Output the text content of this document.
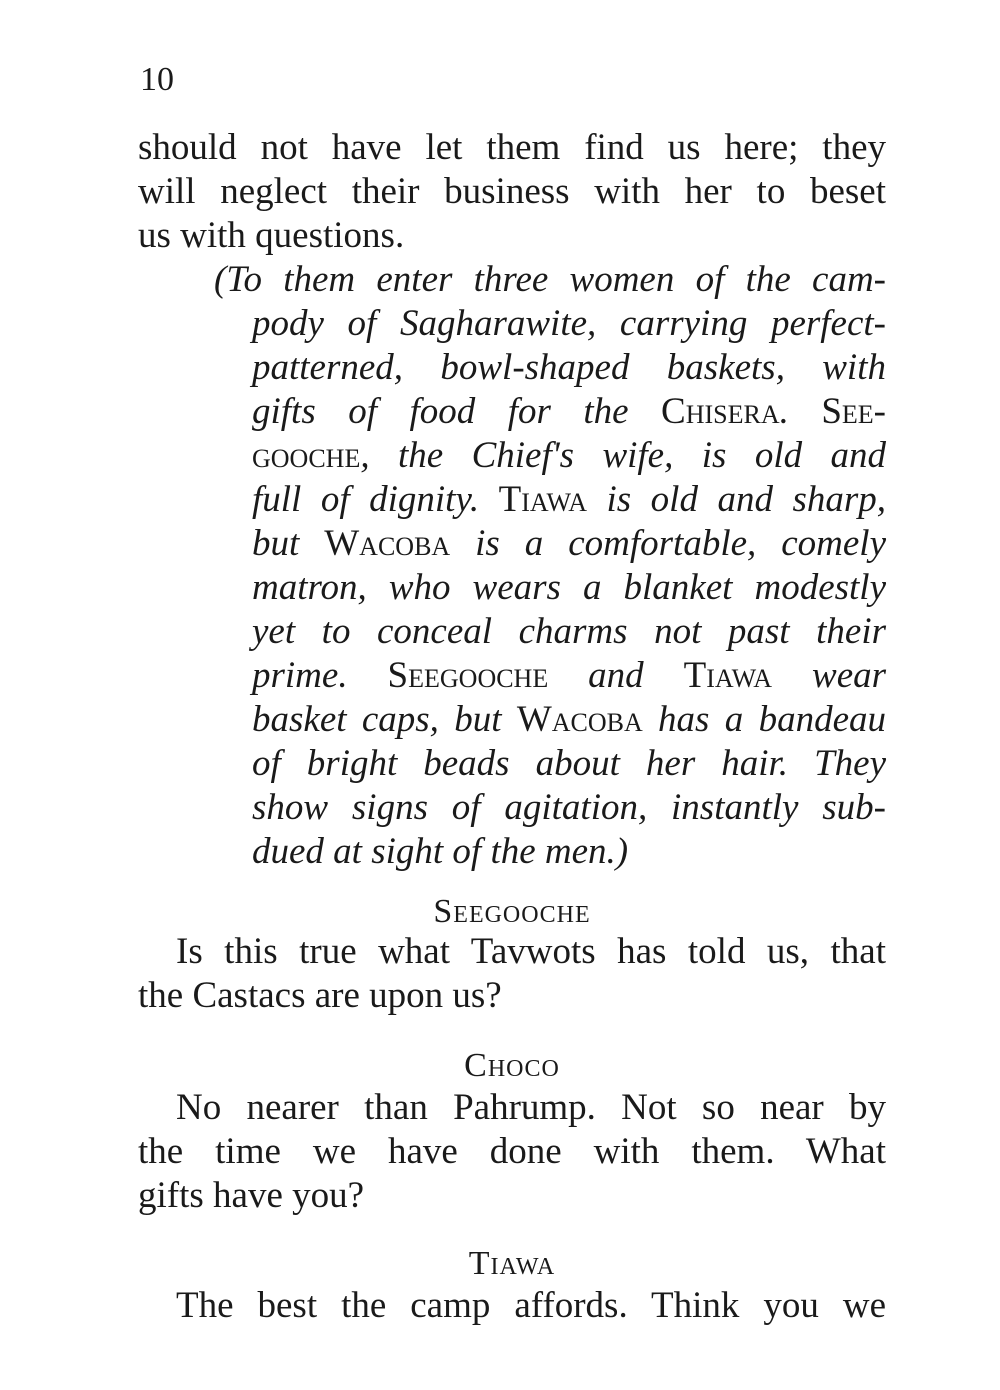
10
should not have let them find us here; they
will neglect their business with her to beset
us with questions.
(To them enter three women of the cam-
pody of Sagharawite, carrying perfect-
patterned, bowl-shaped baskets, with
gifts of food for the Chisera. See-
gooche, the Chief's wife, is old and
full of dignity. Tiawa is old and sharp,
but Wacoba is a comfortable, comely
matron, who wears a blanket modestly
yet to conceal charms not past their
prime. Seegooche and Tiawa wear
basket caps, but Wacoba has a bandeau
of bright beads about her hair. They
show signs of agitation, instantly sub-
dued at sight of the men.)
Seegooche
Is this true what Tavwots has told us, that
the Castacs are upon us?
Choco
No nearer than Pahrump. Not so near by
the time we have done with them. What
gifts have you?
Tiawa
The best the camp affords. Think you we
